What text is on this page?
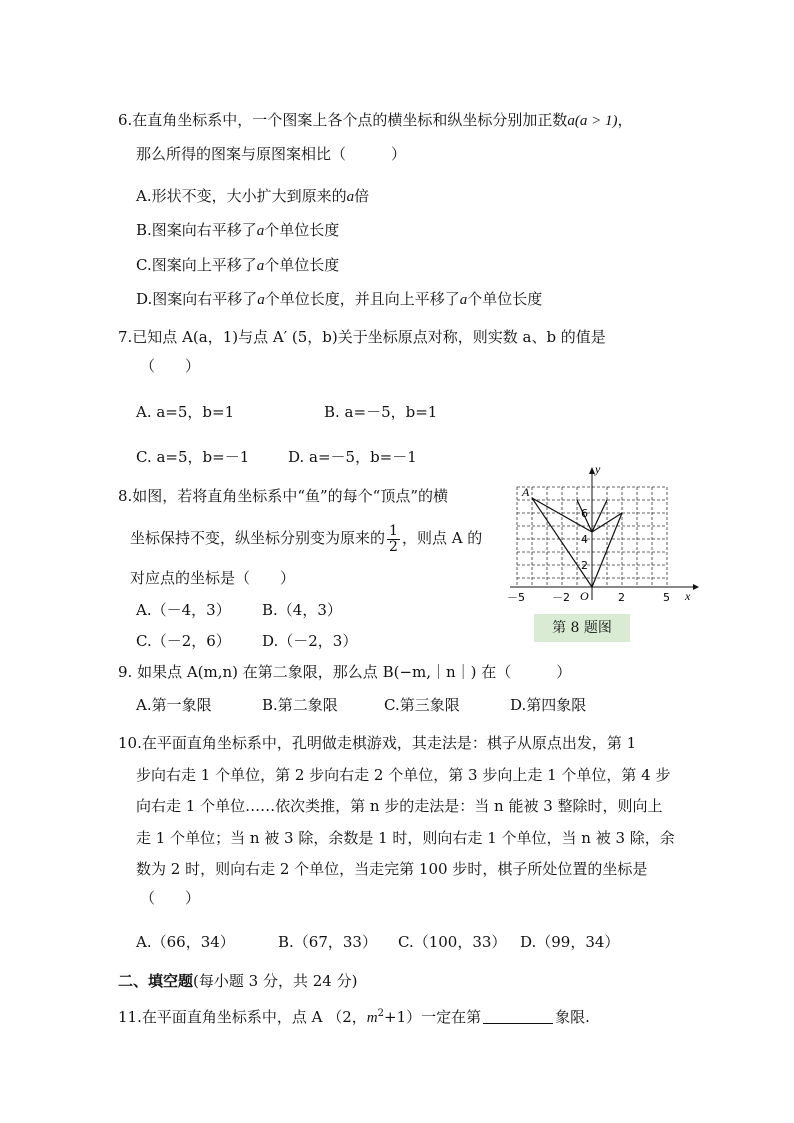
6.在直角坐标系中，一个图案上各个点的横坐标和纵坐标分别加正数a(a > 1)，
那么所得的图案与原图案相比（　　　）
A.形状不变，大小扩大到原来的a倍
B.图案向右平移了a个单位长度
C.图案向上平移了a个单位长度
D.图案向右平移了a个单位长度，并且向上平移了a个单位长度
7.已知点 A(a，1)与点 A′ (5，b)关于坐标原点对称，则实数 a、b 的值是
（　　）
A. a=5，b=1	B. a=－5，b=1
C. a=5，b=－1	D. a=－5，b=－1
8.如图，若将直角坐标系中“鱼”的每个“顶点”的横
坐标保持不变，纵坐标分别变为原来的 $\frac{1}{2}$ ，则点 A 的
对应点的坐标是（　　）
A.（－4，3） B.（4，3）
C.（－2，6） D.（－2，3）
y
x
A
O
6
4
2
－5 －2	2	5
第 8 题图
9. 如果点 A(m,n) 在第二象限，那么点 B(−m,｜n｜) 在（　　　）
A.第一象限	B.第二象限	C.第三象限	D.第四象限
10.在平面直角坐标系中，孔明做走棋游戏，其走法是：棋子从原点出发，第 1
步向右走 1 个单位，第 2 步向右走 2 个单位，第 3 步向上走 1 个单位，第 4 步
向右走 1 个单位……依次类推，第 n 步的走法是：当 n 能被 3 整除时，则向上
走 1 个单位；当 n 被 3 除，余数是 1 时，则向右走 1 个单位，当 n 被 3 除，余
数为 2 时，则向右走 2 个单位，当走完第 100 步时，棋子所处位置的坐标是
（　　）
A.（66，34）	B.（67，33） C.（100，33） D.（99，34）
二、填空题(每小题 3 分，共 24 分)
11.在平面直角坐标系中，点 A （2，$m^2+1$）一定在第	象限.
